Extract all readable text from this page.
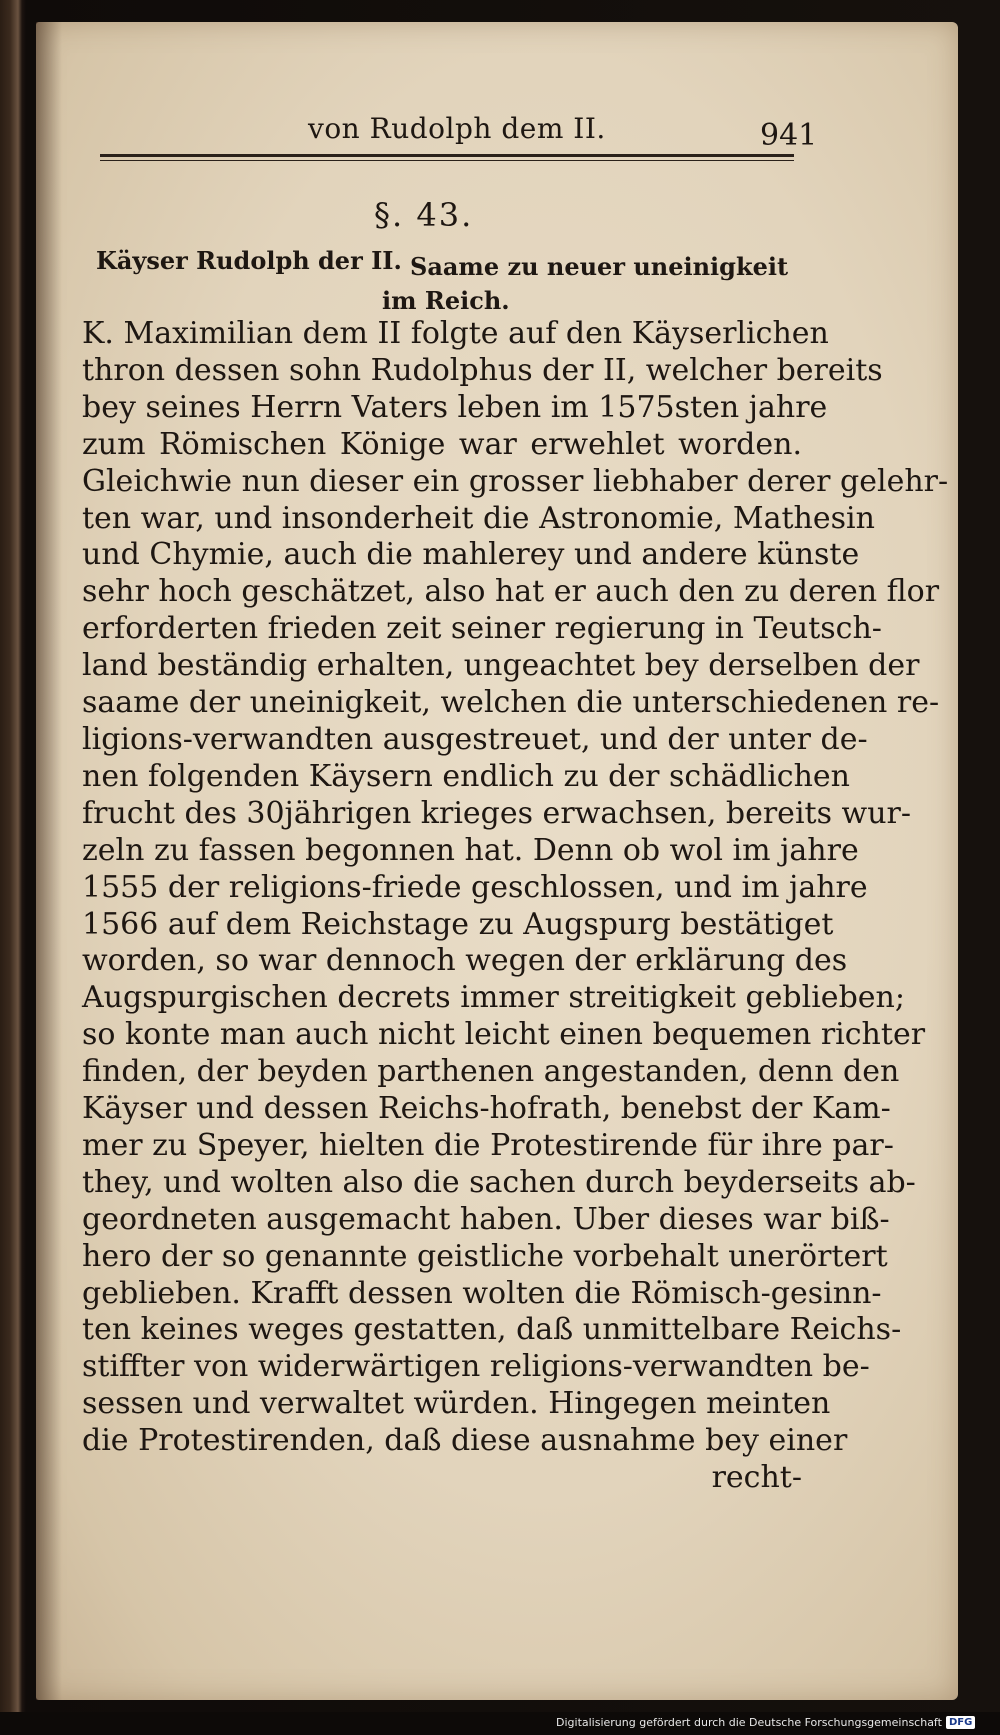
von Rudolph dem II.	941
§. 43.
Käyser Rudolph der II. Saame zu neuer uneinigkeit
im Reich.
K. Maximilian dem II folgte auf den Käyserlichen
thron dessen sohn Rudolphus der II, welcher bereits
bey seines Herrn Vaters leben im 1575sten jahre
zum Römischen Könige war erwehlet worden.
Gleichwie nun dieser ein grosser liebhaber derer gelehr-
ten war, und insonderheit die Astronomie, Mathesin
und Chymie, auch die mahlerey und andere künste
sehr hoch geschätzet, also hat er auch den zu deren flor
erforderten frieden zeit seiner regierung in Teutsch-
land beständig erhalten, ungeachtet bey derselben der
saame der uneinigkeit, welchen die unterschiedenen re-
ligions-verwandten ausgestreuet, und der unter de-
nen folgenden Käysern endlich zu der schädlichen
frucht des 30jährigen krieges erwachsen, bereits wur-
zeln zu fassen begonnen hat. Denn ob wol im jahre
1555 der religions-friede geschlossen, und im jahre
1566 auf dem Reichstage zu Augspurg bestätiget
worden, so war dennoch wegen der erklärung des
Augspurgischen decrets immer streitigkeit geblieben;
so konte man auch nicht leicht einen bequemen richter
finden, der beyden parthenen angestanden, denn den
Käyser und dessen Reichs-hofrath, benebst der Kam-
mer zu Speyer, hielten die Protestirende für ihre par-
they, und wolten also die sachen durch beyderseits ab-
geordneten ausgemacht haben. Uber dieses war biß-
hero der so genannte geistliche vorbehalt unerörtert
geblieben. Krafft dessen wolten die Römisch-gesinn-
ten keines weges gestatten, daß unmittelbare Reichs-
stiffter von widerwärtigen religions-verwandten be-
sessen und verwaltet würden. Hingegen meinten
die Protestirenden, daß diese ausnahme bey einer
recht-
Digitalisierung gefördert durch die Deutsche Forschungsgemeinschaft DFG
